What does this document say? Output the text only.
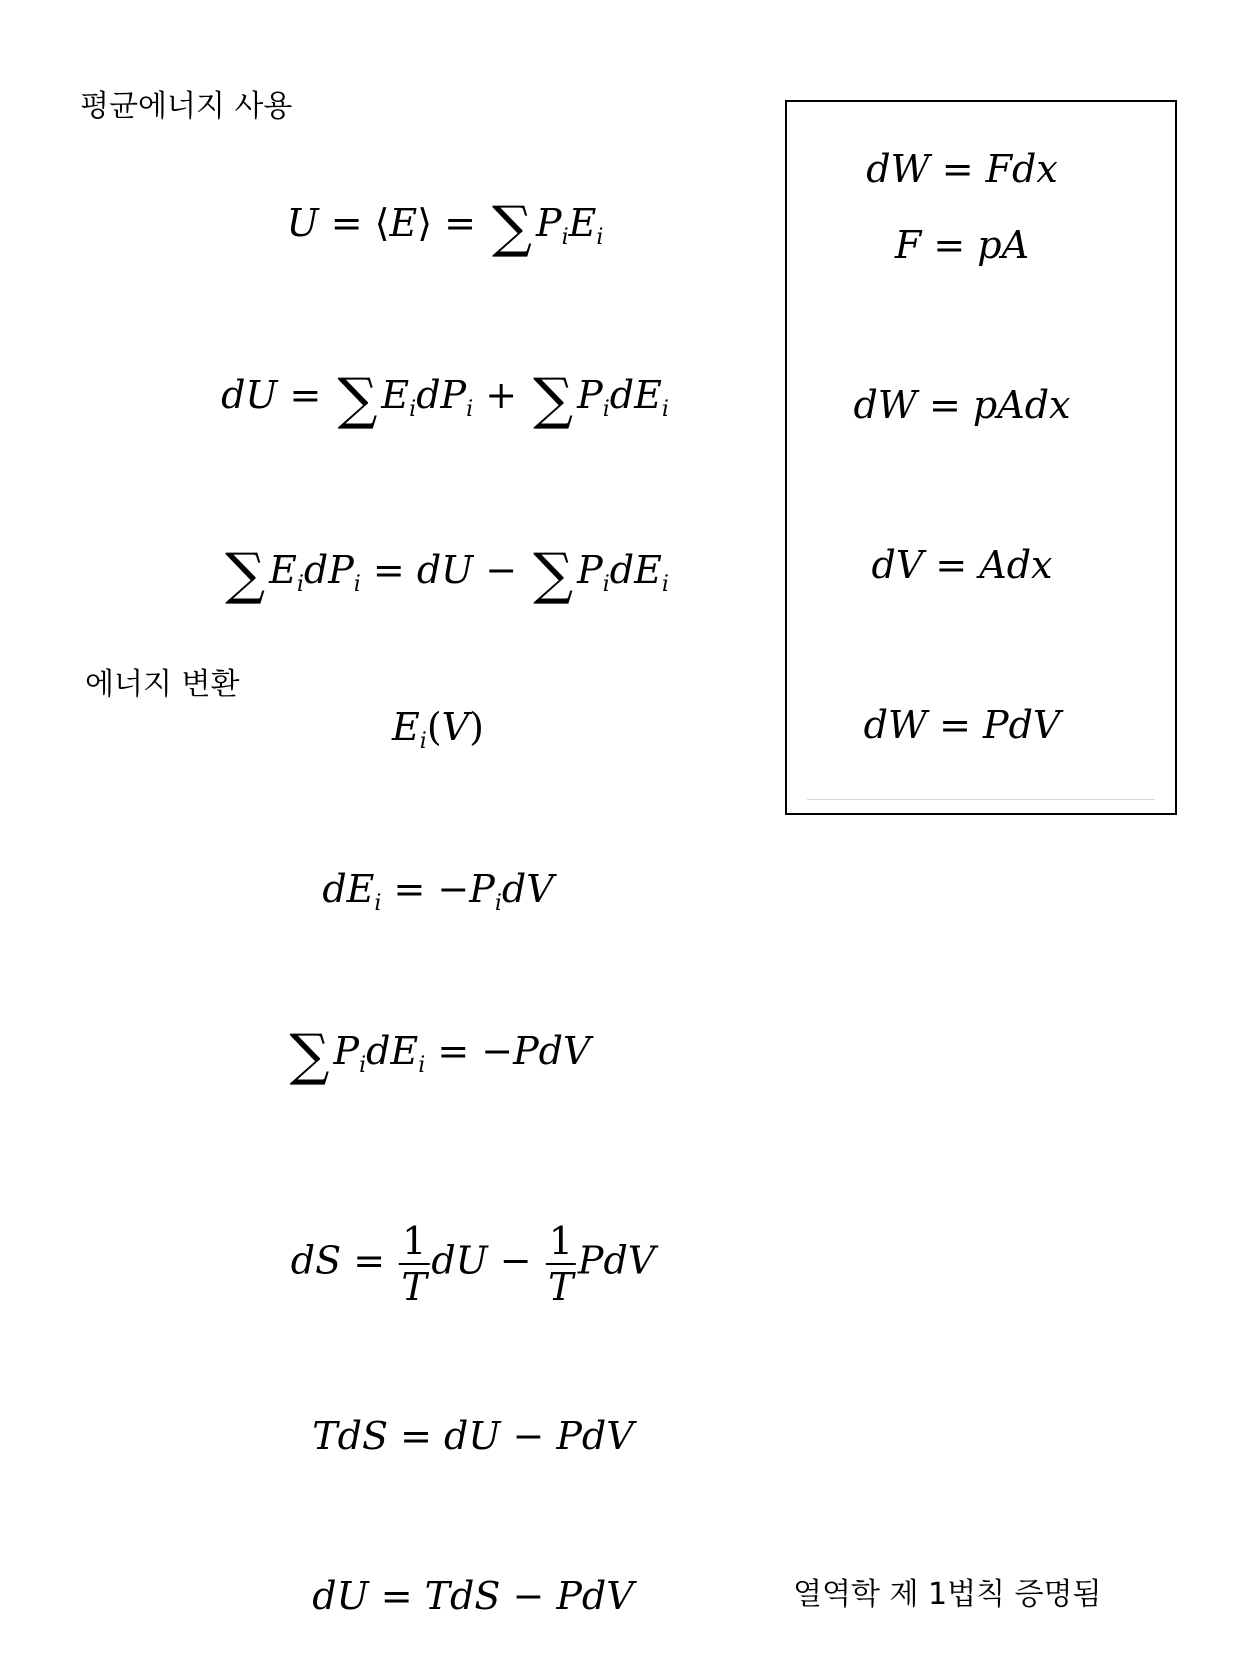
평균에너지 사용
에너지 변환
열역학 제 1법칙 증명됨
U = ⟨E⟩ = ∑ $P_iE_i$
dU = ∑ $E_idP_i$ + ∑ $P_idE_i$
∑ $E_idP_i$ = dU − ∑ $P_idE_i$
$E_i(V)$
$dE_i = -P_idV$
∑ $P_idE_i = -PdV$
dS = $\frac{1}{T}$ dU − $\frac{1}{T}$ PdV
TdS = dU − PdV
dU = TdS − PdV
dW = Fdx
F = pA
dW = pAdx
dV = Adx
dW = PdV
